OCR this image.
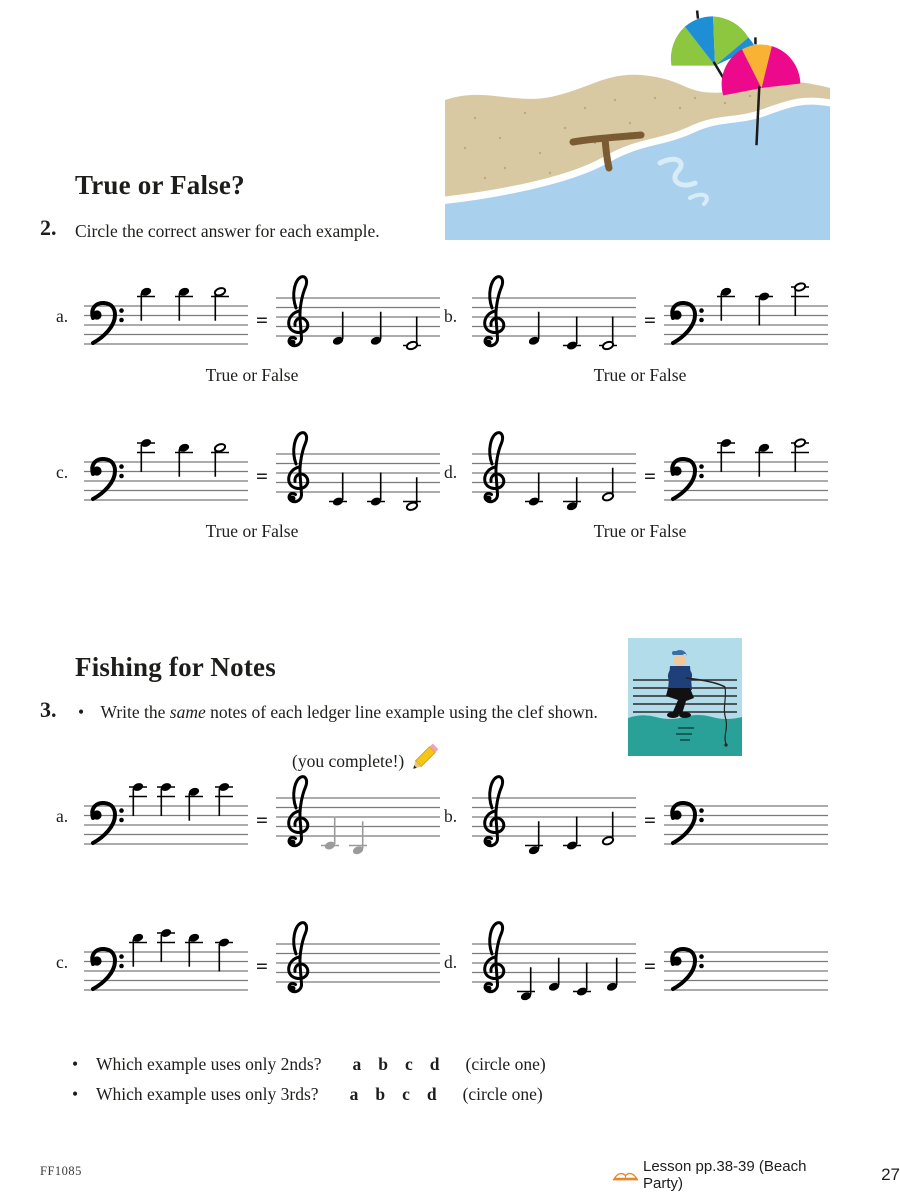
True or False?
2. Circle the correct answer for each example.
a.	=
True or False
b.	=
True or False
c.	=
True or False
d.	=
True or False
Fishing for Notes
3. • Write the same notes of each ledger line example using the clef shown.
(you complete!)
a.	=	b.	=
c.	=	d.	=
•	Which example uses only 2nds? a b c d (circle one)
•	Which example uses only 3rds? a b c d (circle one)
FF1085	Lesson pp.38-39 (Beach Party)	27
